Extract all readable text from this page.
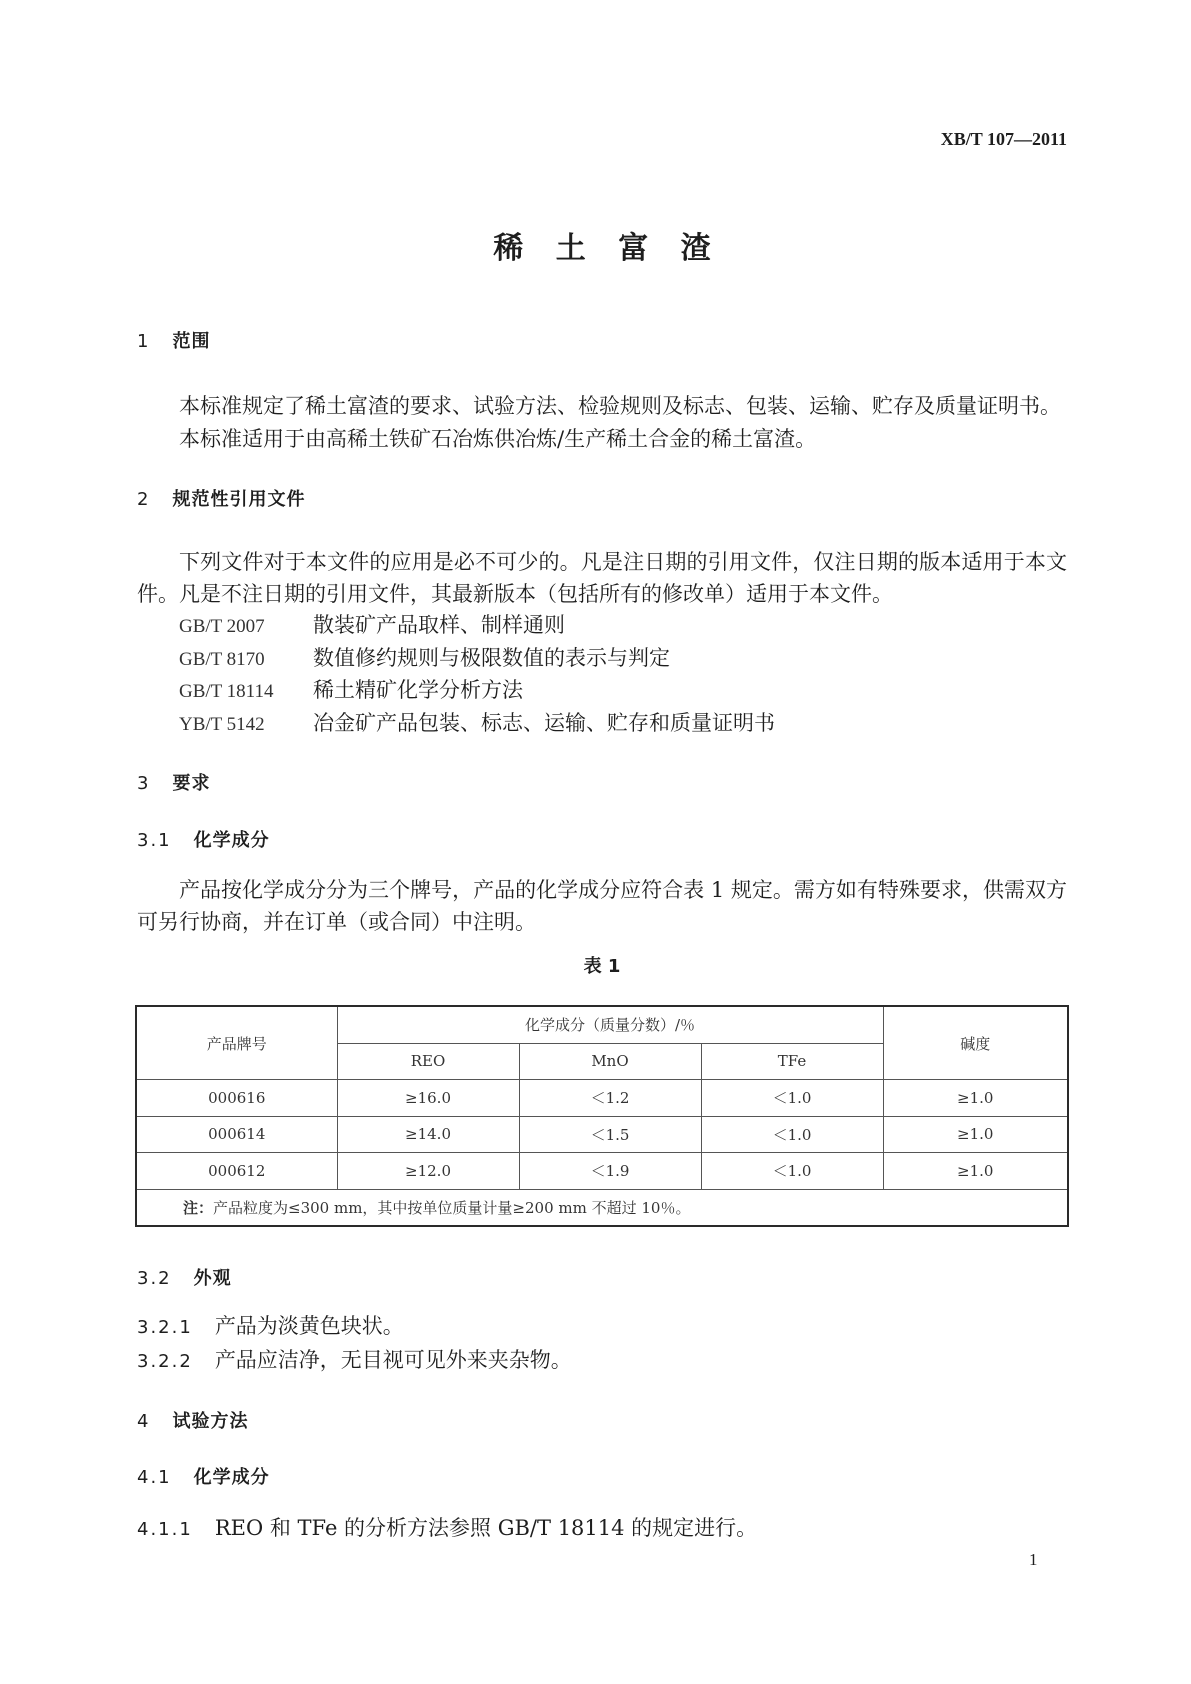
XB/T 107—2011
稀 土 富 渣
1 范围

本标准规定了稀土富渣的要求、试验方法、检验规则及标志、包装、运输、贮存及质量证明书。

本标准适用于由高稀土铁矿石冶炼供冶炼/生产稀土合金的稀土富渣。

2 规范性引用文件

下列文件对于本文件的应用是必不可少的。凡是注日期的引用文件，仅注日期的版本适用于本文件。凡是不注日期的引用文件，其最新版本（包括所有的修改单）适用于本文件。

GB/T 2007 散装矿产品取样、制样通则
GB/T 8170 数值修约规则与极限数值的表示与判定
GB/T 18114 稀土精矿化学分析方法
YB/T 5142 冶金矿产品包装、标志、运输、贮存和质量证明书
3 要求
3.1 化学成分

产品按化学成分分为三个牌号，产品的化学成分应符合表 1 规定。需方如有特殊要求，供需双方可另行协商，并在订单（或合同）中注明。

表 1
产品牌号	化学成分（质量分数）/％			碱度
	REO	MnO	TFe	
000616	≥16.0	＜1.2	＜1.0	≥1.0
000614	≥14.0	＜1.5	＜1.0	≥1.0
000612	≥12.0	＜1.9	＜1.0	≥1.0
注：产品粒度为≤300 mm，其中按单位质量计量≥200 mm 不超过 10％。				
3.2 外观
3.2.1 产品为淡黄色块状。
3.2.2 产品应洁净，无目视可见外来夹杂物。
4 试验方法
4.1 化学成分
4.1.1 REO 和 TFe 的分析方法参照 GB/T 18114 的规定进行。
1
